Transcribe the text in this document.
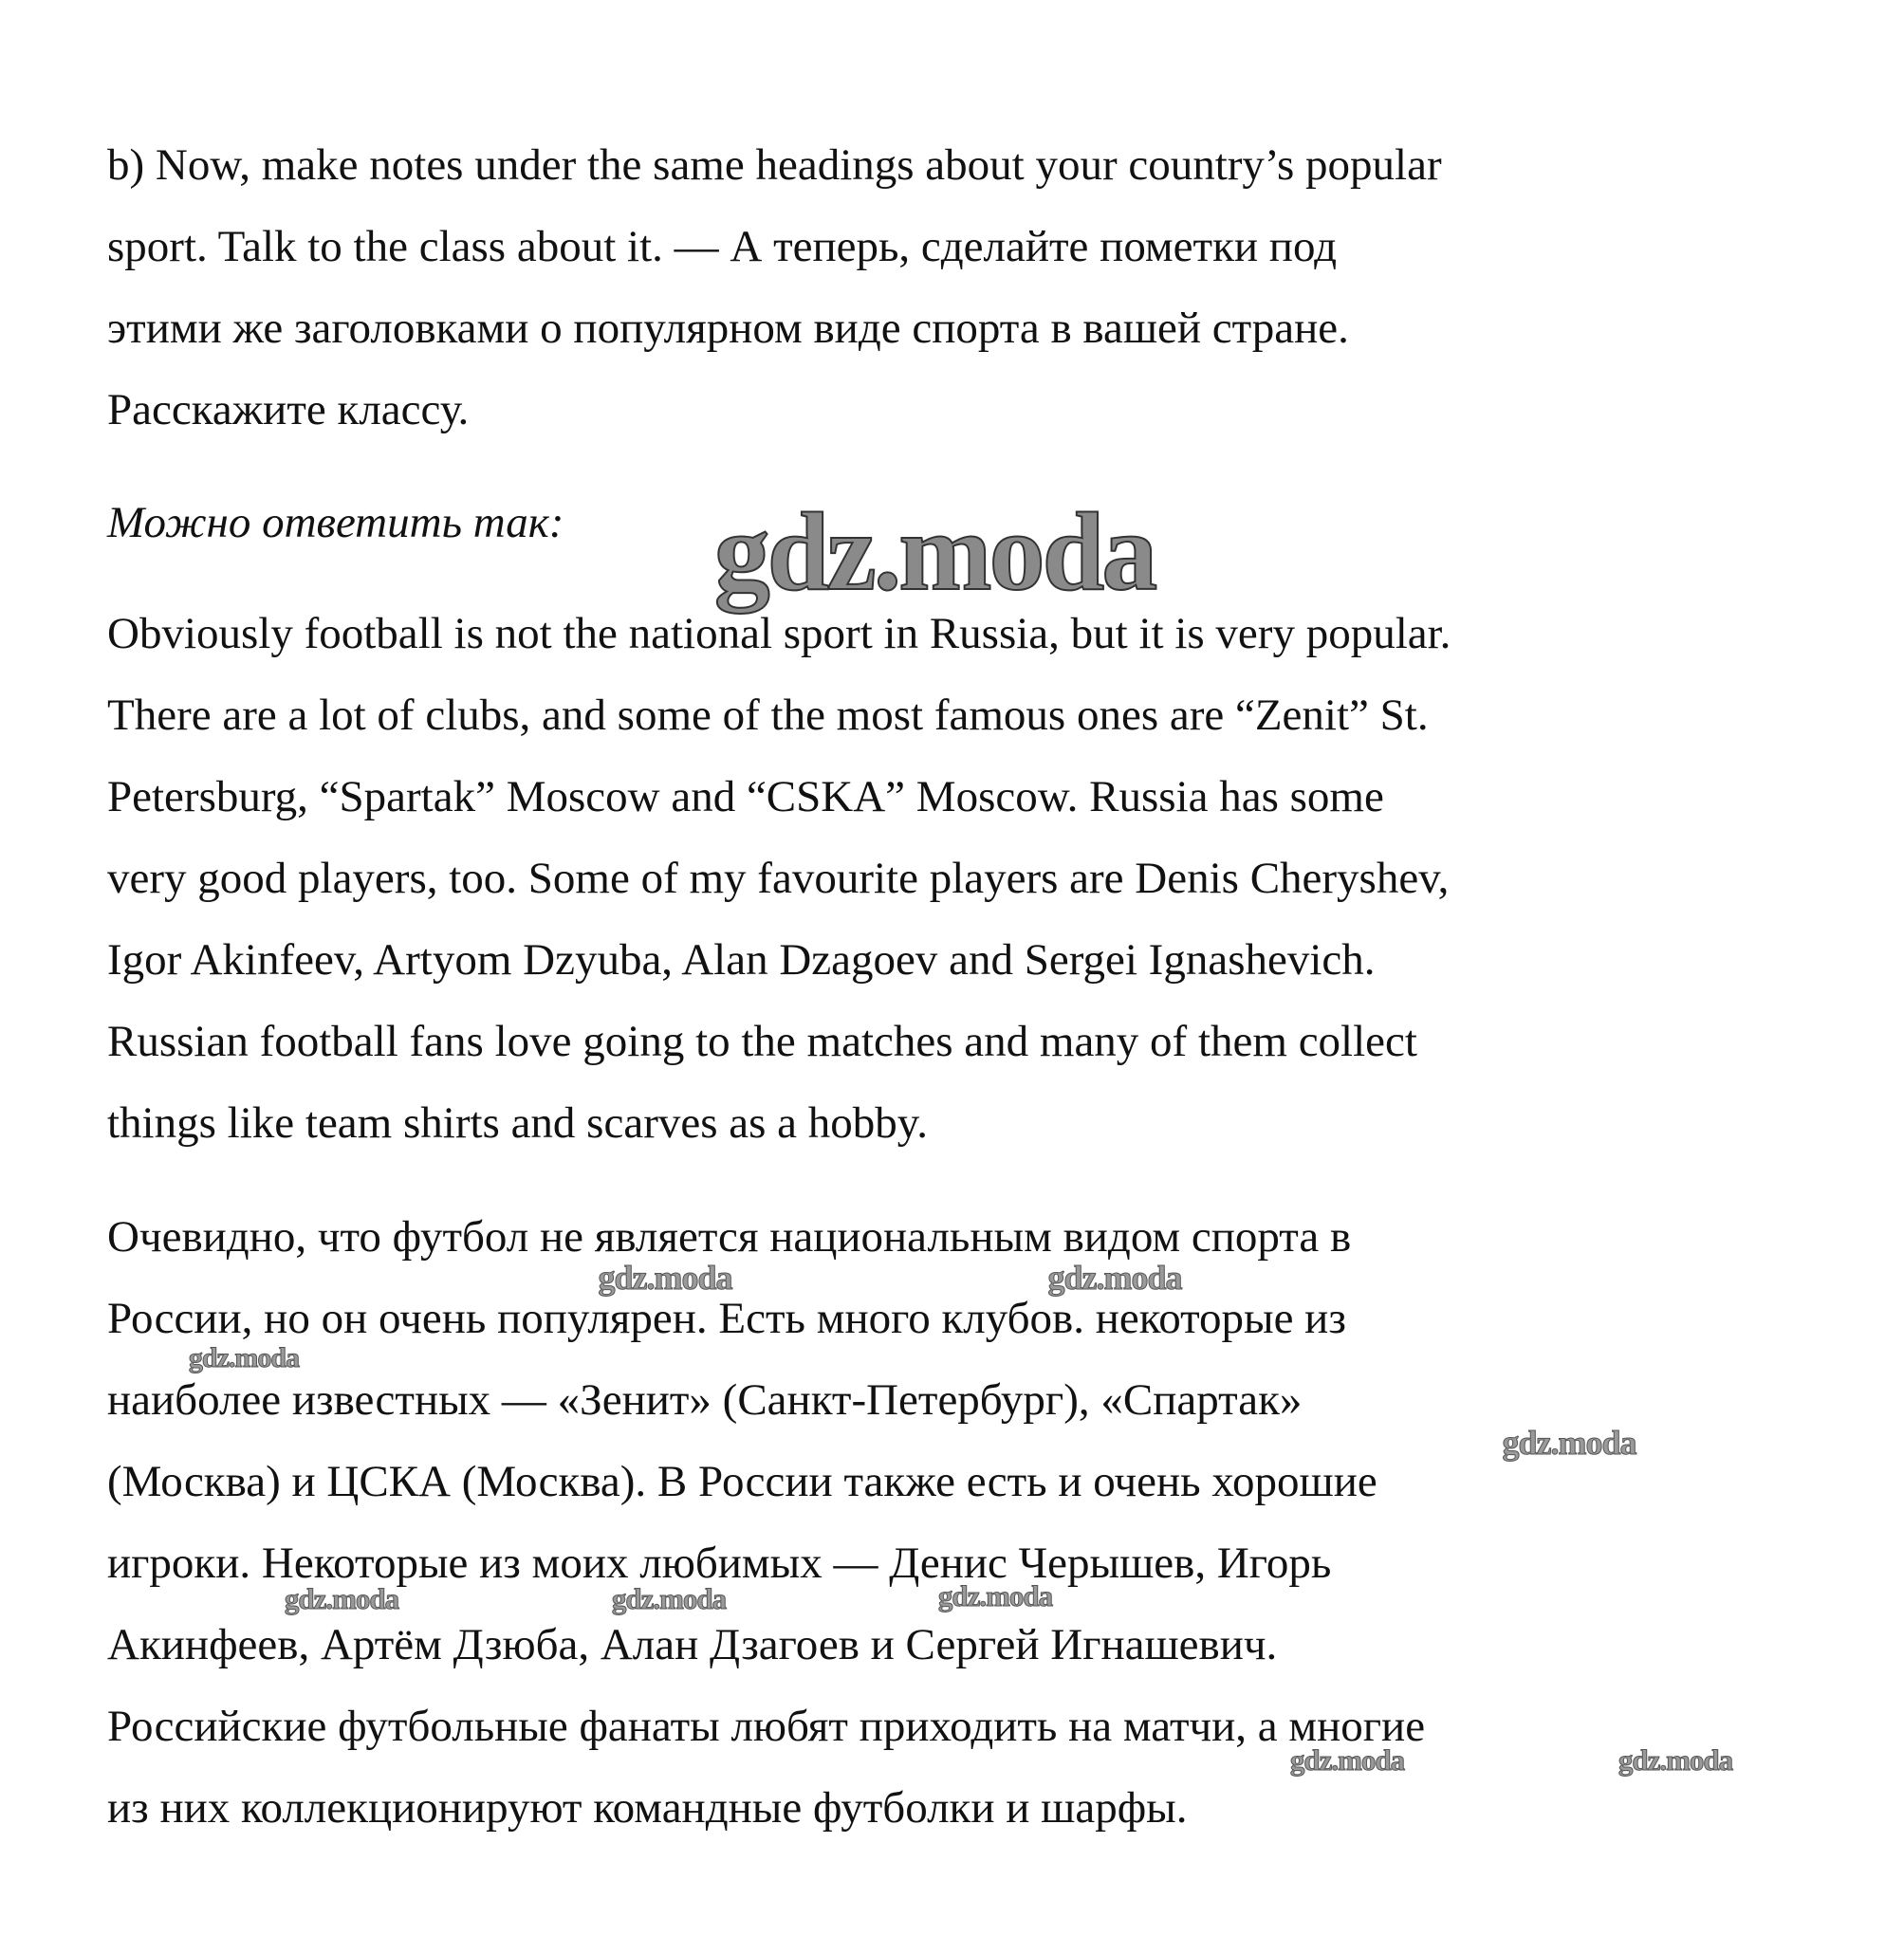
b) Now, make notes under the same headings about your country’s popular
sport. Talk to the class about it. — А теперь, сделайте пометки под
этими же заголовками о популярном виде спорта в вашей стране.
Расскажите классу.
Можно ответить так:
Obviously football is not the national sport in Russia, but it is very popular.
There are a lot of clubs, and some of the most famous ones are “Zenit” St.
Petersburg, “Spartak” Moscow and “CSKA” Moscow. Russia has some
very good players, too. Some of my favourite players are Denis Cheryshev,
Igor Akinfeev, Artyom Dzyuba, Alan Dzagoev and Sergei Ignashevich.
Russian football fans love going to the matches and many of them collect
things like team shirts and scarves as a hobby.
Очевидно, что футбол не является национальным видом спорта в
России, но он очень популярен. Есть много клубов. некоторые из
наиболее известных — «Зенит» (Санкт-Петербург), «Спартак»
(Москва) и ЦСКА (Москва). В России также есть и очень хорошие
игроки. Некоторые из моих любимых — Денис Черышев, Игорь
Акинфеев, Артём Дзюба, Алан Дзагоев и Сергей Игнашевич.
Российские футбольные фанаты любят приходить на матчи, а многие
из них коллекционируют командные футболки и шарфы.
gdz.moda
gdz.moda	gdz.moda
gdz.moda
gdz.moda
gdz.moda	gdz.moda	gdz.moda
gdz.moda	gdz.moda
